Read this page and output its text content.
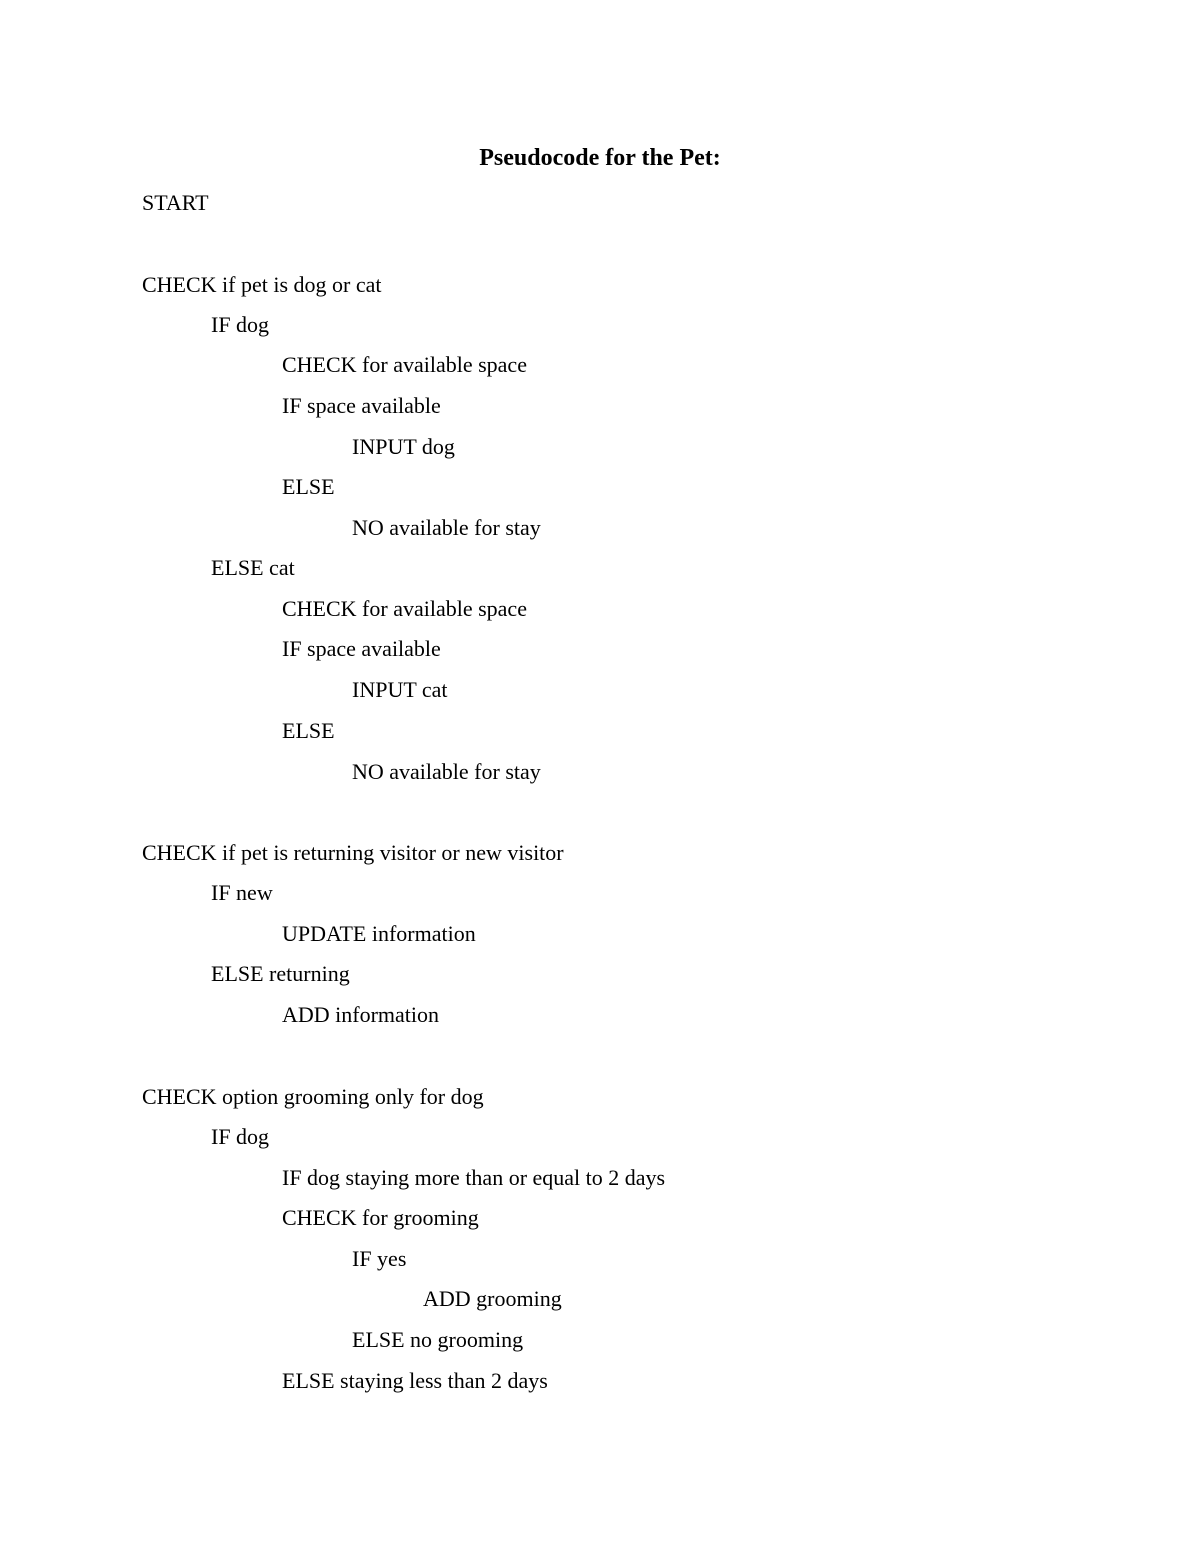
Pseudocode for the Pet:
START
CHECK if pet is dog or cat
IF dog
CHECK for available space
IF space available
INPUT dog
ELSE
NO available for stay
ELSE cat
CHECK for available space
IF space available
INPUT cat
ELSE
NO available for stay
CHECK if pet is returning visitor or new visitor
IF new
UPDATE information
ELSE returning
ADD information
CHECK option grooming only for dog
IF dog
IF dog staying more than or equal to 2 days
CHECK for grooming
IF yes
ADD grooming
ELSE no grooming
ELSE staying less than 2 days
